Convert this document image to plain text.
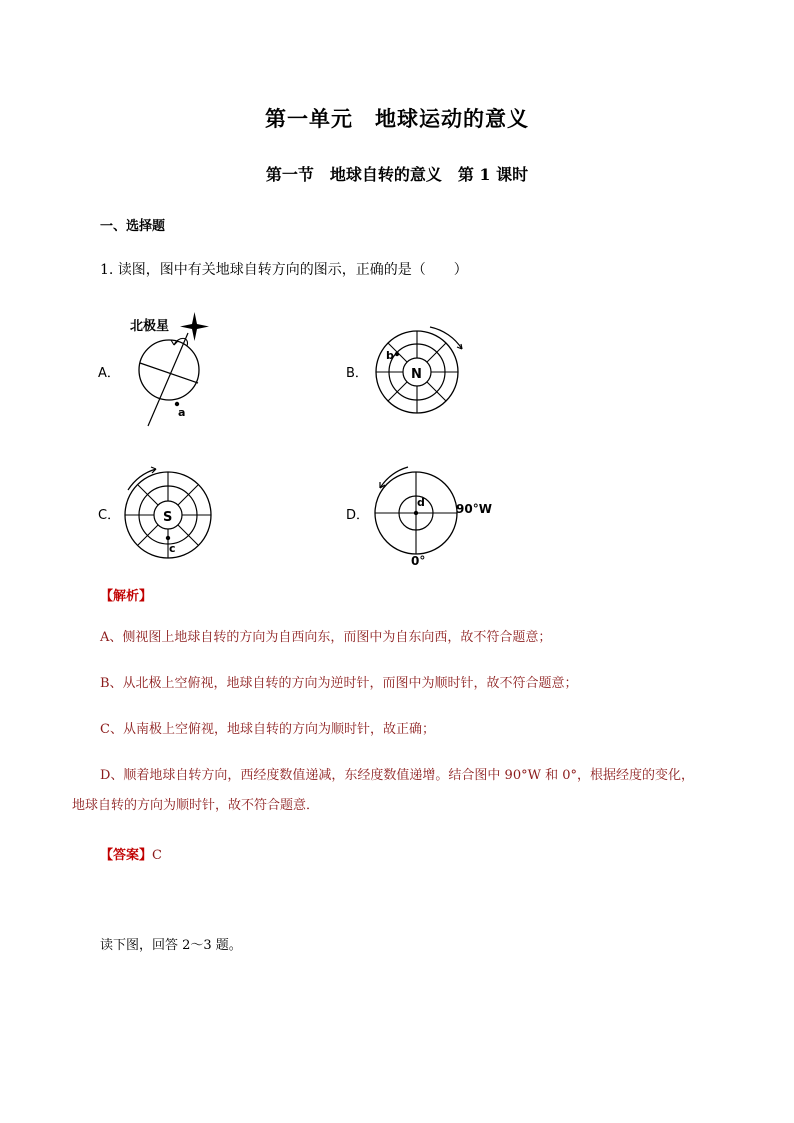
第一单元　地球运动的意义
第一节　地球自转的意义　第 1 课时
一、选择题
1. 读图，图中有关地球自转方向的图示，正确的是（　　）
A．
北极星
a
B．	N
b
C．	S
c
D．
d	90°W
0°
【解析】
A、侧视图上地球自转的方向为自西向东，而图中为自东向西，故不符合题意；
B、从北极上空俯视，地球自转的方向为逆时针，而图中为顺时针，故不符合题意；
C、从南极上空俯视，地球自转的方向为顺时针，故正确；
D、顺着地球自转方向，西经度数值递减，东经度数值递增。结合图中 90°W 和 0°，根据经度的变化，
地球自转的方向为顺时针，故不符合题意．
【答案】C
读下图，回答 2～3 题。
